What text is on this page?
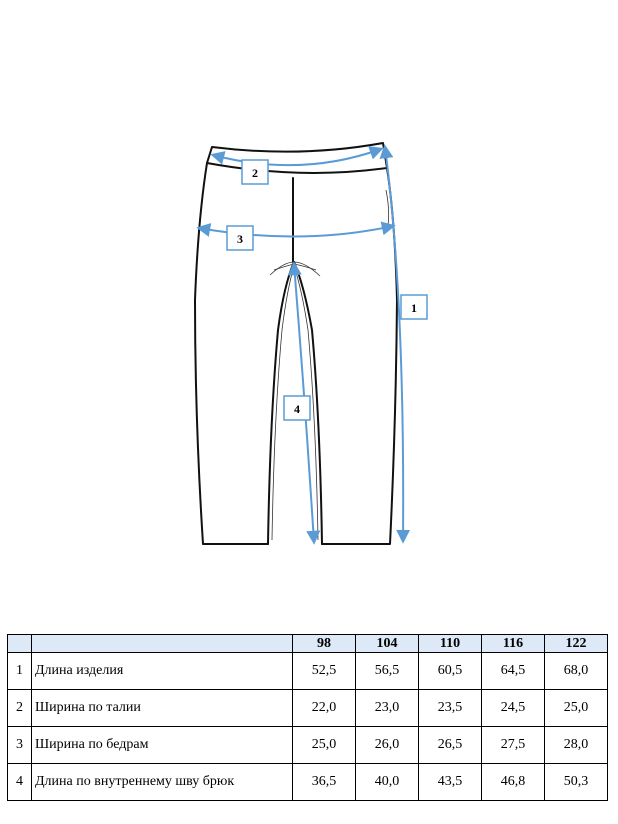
1
2
3
4
		98	104	110	116	122
1	Длина изделия	52,5	56,5	60,5	64,5	68,0
2	Ширина по талии	22,0	23,0	23,5	24,5	25,0
3	Ширина по бедрам	25,0	26,0	26,5	27,5	28,0
4	Длина по внутреннему шву брюк	36,5	40,0	43,5	46,8	50,3
